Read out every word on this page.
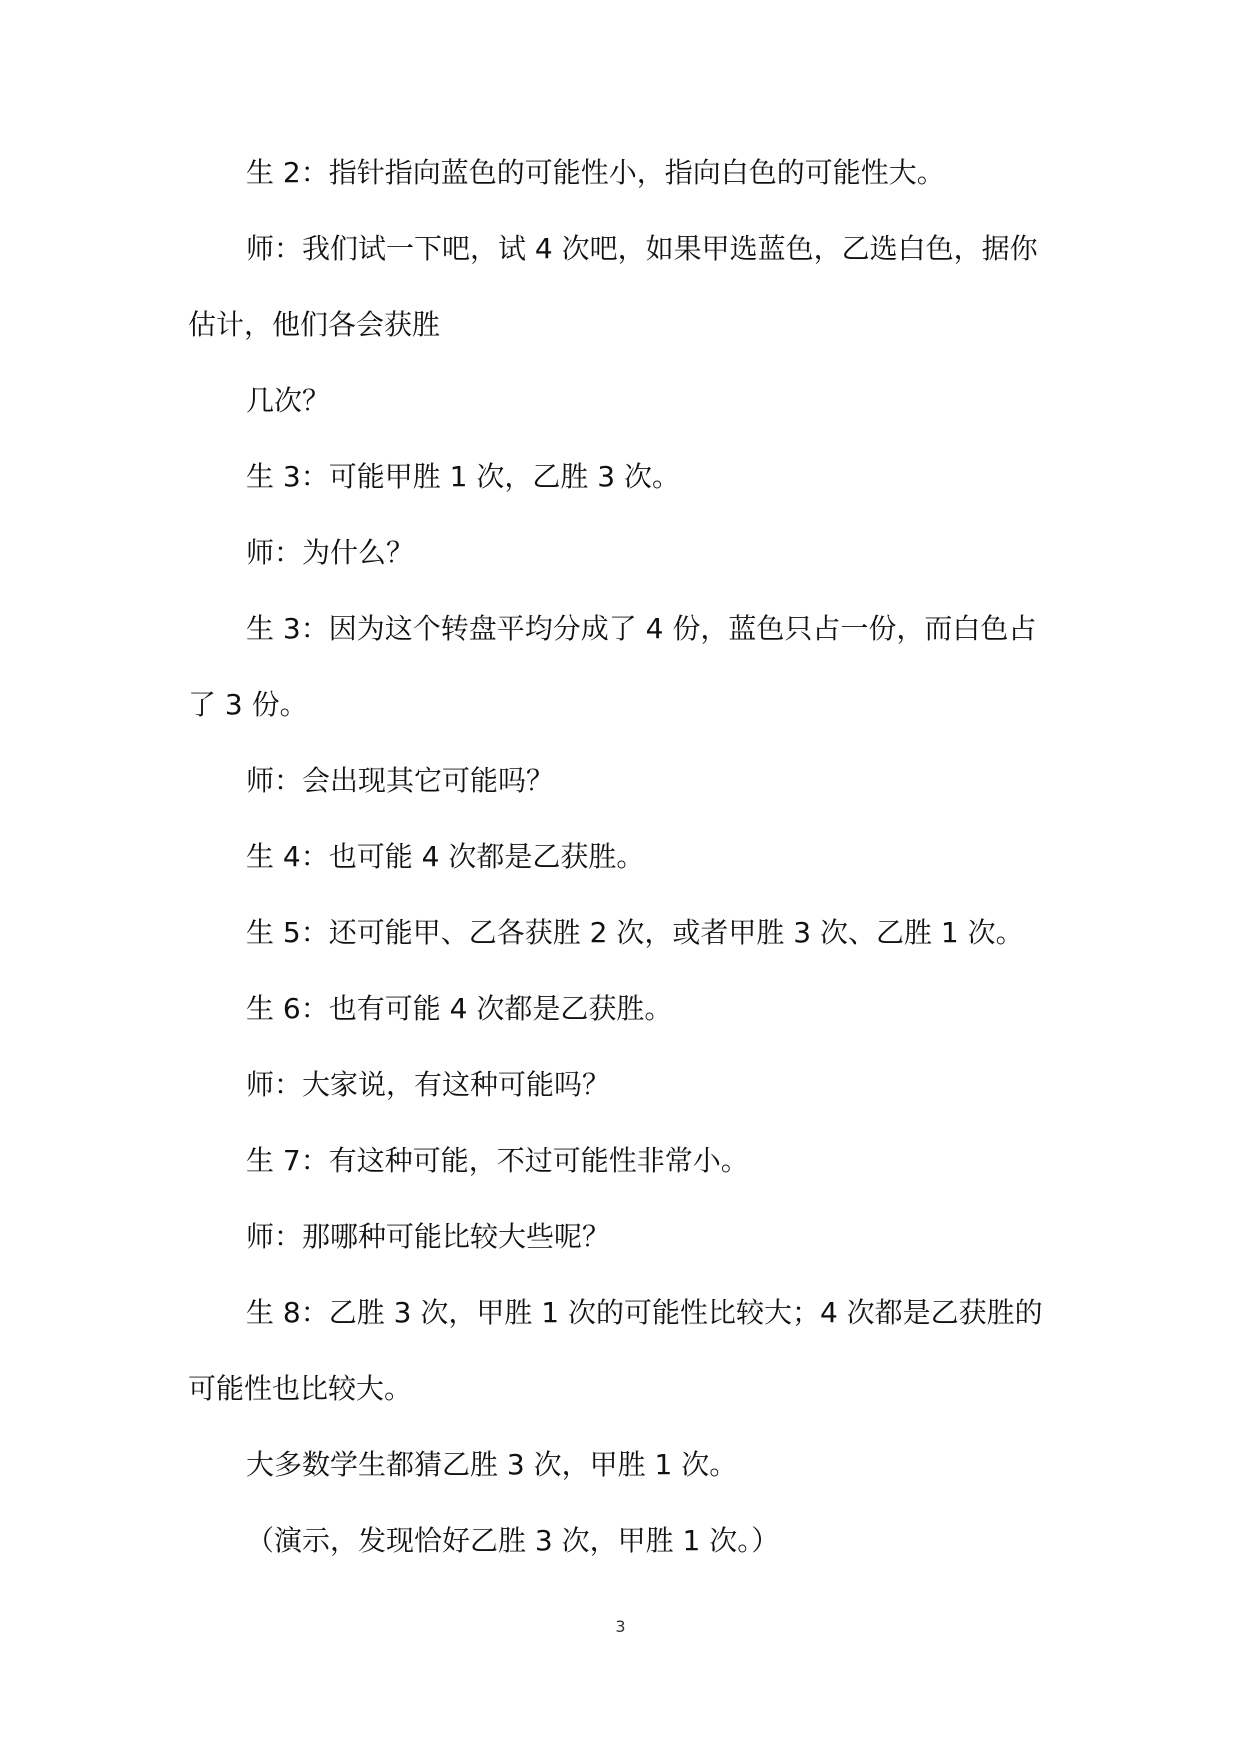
生 2：指针指向蓝色的可能性小，指向白色的可能性大。

师：我们试一下吧，试 4 次吧，如果甲选蓝色，乙选白色，据你估计，他们各会获胜

几次？

生 3：可能甲胜 1 次，乙胜 3 次。

师：为什么？

生 3：因为这个转盘平均分成了 4 份，蓝色只占一份，而白色占了 3 份。

师：会出现其它可能吗？

生 4：也可能 4 次都是乙获胜。

生 5：还可能甲、乙各获胜 2 次，或者甲胜 3 次、乙胜 1 次。

生 6：也有可能 4 次都是乙获胜。

师：大家说，有这种可能吗？

生 7：有这种可能，不过可能性非常小。

师：那哪种可能比较大些呢？

生 8：乙胜 3 次，甲胜 1 次的可能性比较大；4 次都是乙获胜的可能性也比较大。

大多数学生都猜乙胜 3 次，甲胜 1 次。

（演示，发现恰好乙胜 3 次，甲胜 1 次。）

3
